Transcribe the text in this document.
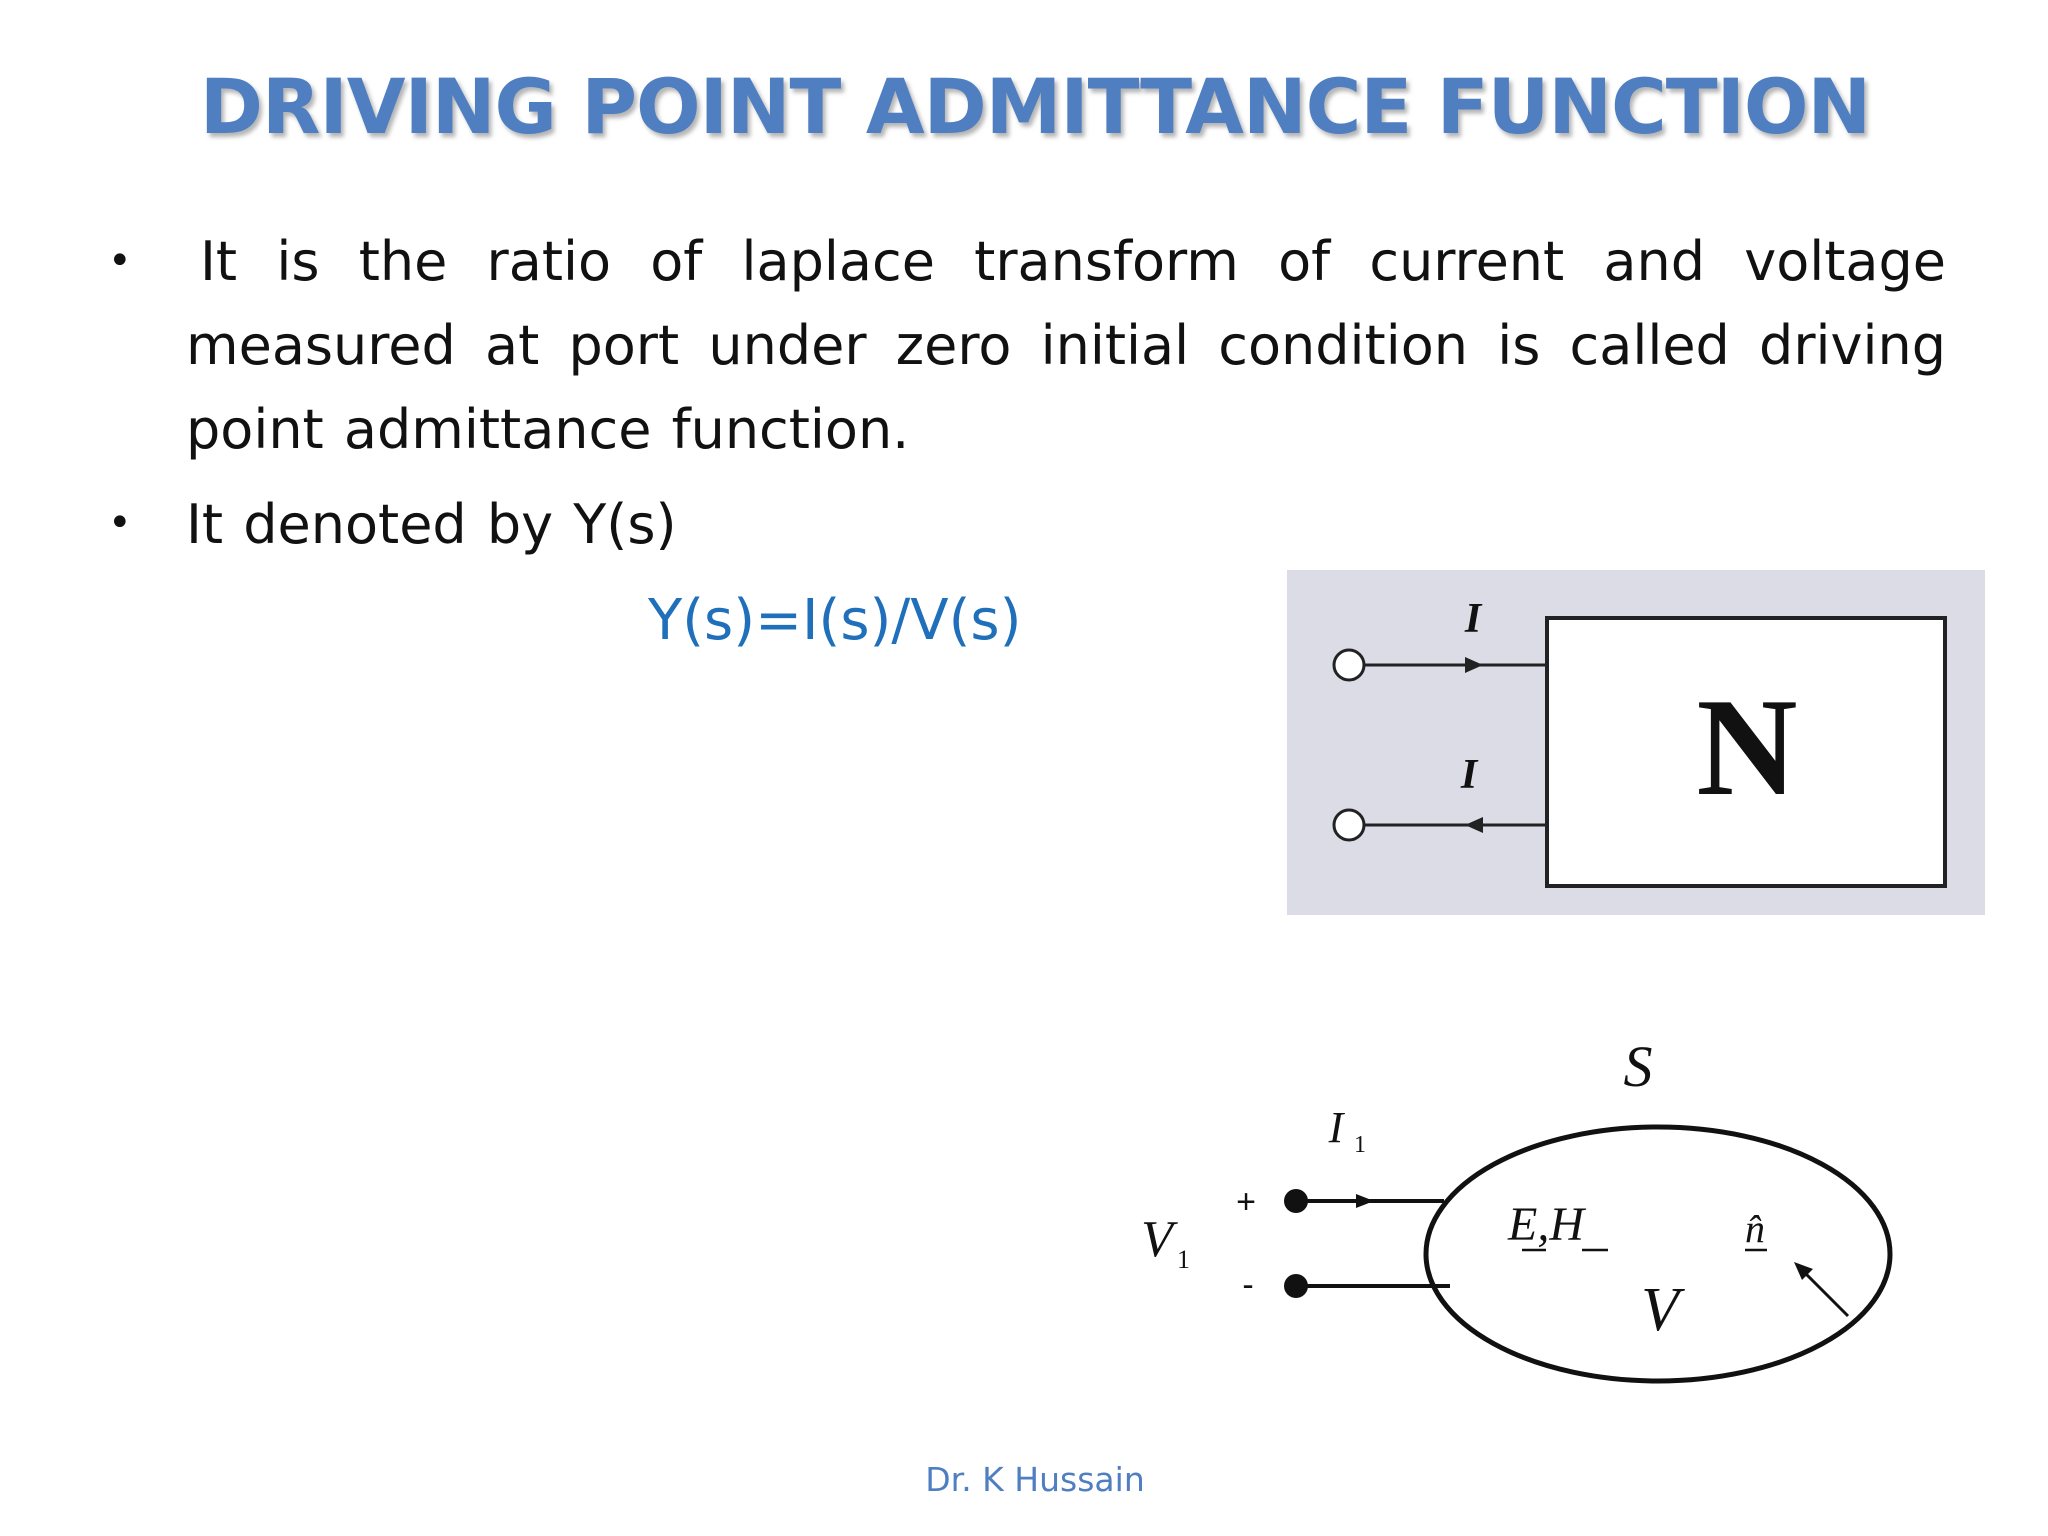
DRIVING POINT ADMITTANCE FUNCTION
• It is the ratio of laplace transform of current and voltage measured at port under zero initial condition is called driving point admittance function.
• It denoted by Y(s)
Y(s)=I(s)/V(s)
N
I
I
S
I 1
V 1
+
-
E,H	n̂
V
Dr. K Hussain
